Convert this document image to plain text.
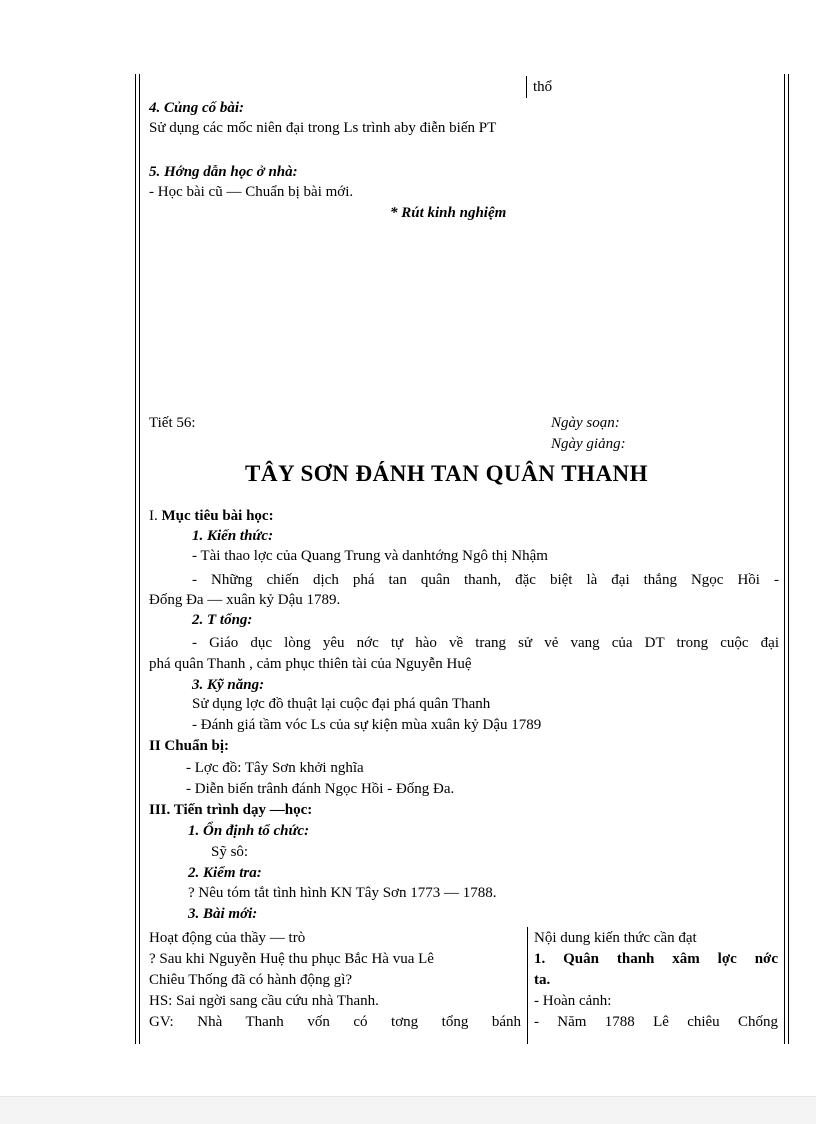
thổ
4. Củng cố bài:
Sử dụng các mốc niên đại trong Ls trình aby điễn biến PT
5. Hớng dẫn học ở nhà:
- Học bài cũ — Chuẩn bị bài mới.
* Rút kinh nghiệm
Tiết 56:	Ngày soạn:
Ngày giảng:
TÂY SƠN ĐÁNH TAN QUÂN THANH
I. Mục tiêu bài học:
1. Kiến thức:
- Tài thao lợc của Quang Trung và danhtớng Ngô thị Nhậm
- Những chiến dịch phá tan quân thanh, đặc biệt là đại thắng Ngọc Hồi -
Đống Đa — xuân kỷ Dậu 1789.
2. T tổng:
- Giáo dục lòng yêu nớc tự hào về trang sử vẻ vang của DT trong cuộc đại
phá quân Thanh , cảm phục thiên tài của Nguyễn Huệ
3. Kỹ năng:
Sử dụng lợc đồ thuật lại cuộc đại phá quân Thanh
- Đánh giá tầm vóc Ls của sự kiện mùa xuân kỷ Dậu 1789
II Chuẩn bị:
- Lợc đồ: Tây Sơn khởi nghĩa
- Diễn biến trânh đánh Ngọc Hồi - Đống Đa.
III. Tiến trình dạy —học:
1. Ổn định tổ chức:
Sỹ sô:
2. Kiểm tra:
? Nêu tóm tắt tình hình KN Tây Sơn 1773 — 1788.
3. Bài mới:
Hoạt động của thầy — trò	Nội dung kiến thức cần đạt
? Sau khi Nguyễn Huệ thu phục Bắc Hà vua Lê
Chiêu Thống đã có hành động gì?
HS: Sai ngời sang cầu cứu nhà Thanh.
GV: Nhà Thanh vốn có tơng tổng bánh
1. Quân thanh xâm lợc nớc
ta.
- Hoàn cảnh:
- Năm 1788 Lê chiêu Chống
